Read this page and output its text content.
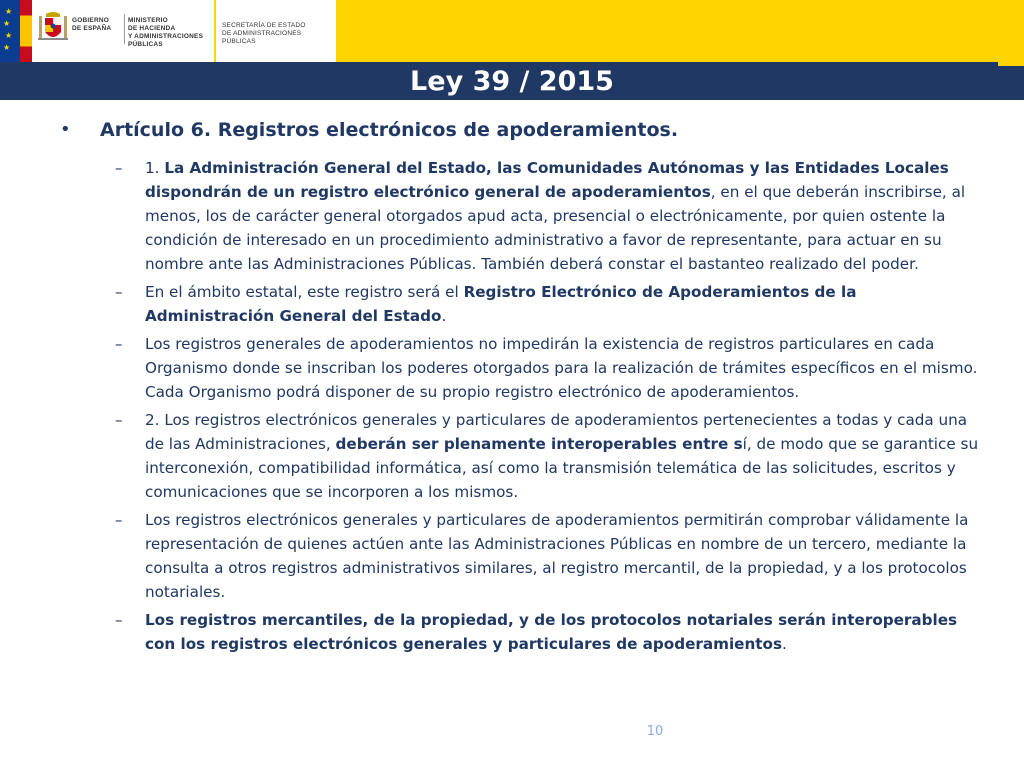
★
★
★
★
GOBIERNO
DE ESPAÑA
MINISTERIO
DE HACIENDA
Y ADMINISTRACIONES PÚBLICAS
SECRETARÍA DE ESTADO
DE ADMINISTRACIONES PÚBLICAS
Ley 39 / 2015
• Artículo 6. Registros electrónicos de apoderamientos.
– 1. La Administración General del Estado, las Comunidades Autónomas y las Entidades Locales dispondrán de un registro electrónico general de apoderamientos, en el que deberán inscribirse, al menos, los de carácter general otorgados apud acta, presencial o electrónicamente, por quien ostente la condición de interesado en un procedimiento administrativo a favor de representante, para actuar en su nombre ante las Administraciones Públicas. También deberá constar el bastanteo realizado del poder.
– En el ámbito estatal, este registro será el Registro Electrónico de Apoderamientos de la Administración General del Estado.
– Los registros generales de apoderamientos no impedirán la existencia de registros particulares en cada Organismo donde se inscriban los poderes otorgados para la realización de trámites específicos en el mismo. Cada Organismo podrá disponer de su propio registro electrónico de apoderamientos.
– 2. Los registros electrónicos generales y particulares de apoderamientos pertenecientes a todas y cada una de las Administraciones, deberán ser plenamente interoperables entre sí, de modo que se garantice su interconexión, compatibilidad informática, así como la transmisión telemática de las solicitudes, escritos y comunicaciones que se incorporen a los mismos.
– Los registros electrónicos generales y particulares de apoderamientos permitirán comprobar válidamente la representación de quienes actúen ante las Administraciones Públicas en nombre de un tercero, mediante la consulta a otros registros administrativos similares, al registro mercantil, de la propiedad, y a los protocolos notariales.
– Los registros mercantiles, de la propiedad, y de los protocolos notariales serán interoperables con los registros electrónicos generales y particulares de apoderamientos.
10
